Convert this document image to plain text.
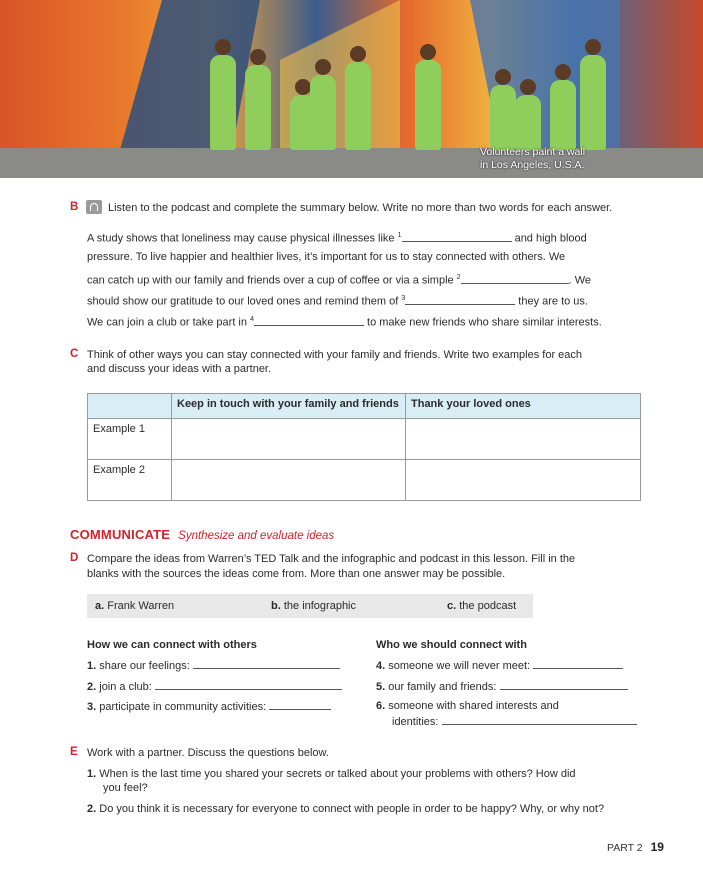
Volunteers paint a wall in Los Angeles, U.S.A.
B	Listen to the podcast and complete the summary below. Write no more than two words for each answer.
A study shows that loneliness may cause physical illnesses like $^1$	and high blood
pressure. To live happier and healthier lives, it’s important for us to stay connected with others. We
can catch up with our family and friends over a cup of coffee or via a simple $^2$	. We
should show our gratitude to our loved ones and remind them of $^3$	they are to us.
We can join a club or take part in $^4$	to make new friends who share similar interests.
C Think of other ways you can stay connected with your family and friends. Write two examples for each
and discuss your ideas with a partner.
	Keep in touch with your family and friends	Thank your loved ones
Example 1		
Example 2		
COMMUNICATE Synthesize and evaluate ideas
D Compare the ideas from Warren’s TED Talk and the infographic and podcast in this lesson. Fill in the
blanks with the sources the ideas come from. More than one answer may be possible.
a. Frank Warren	b. the infographic	c. the podcast
How we can connect with others	Who we should connect with
1. share our feelings:
2. join a club:
3. participate in community activities:
4. someone we will never meet:
5. our family and friends:
6. someone with shared interests and
identities:
E Work with a partner. Discuss the questions below.
1. When is the last time you shared your secrets or talked about your problems with others? How did
you feel?
2. Do you think it is necessary for everyone to connect with people in order to be happy? Why, or why not?
PART 2 19
